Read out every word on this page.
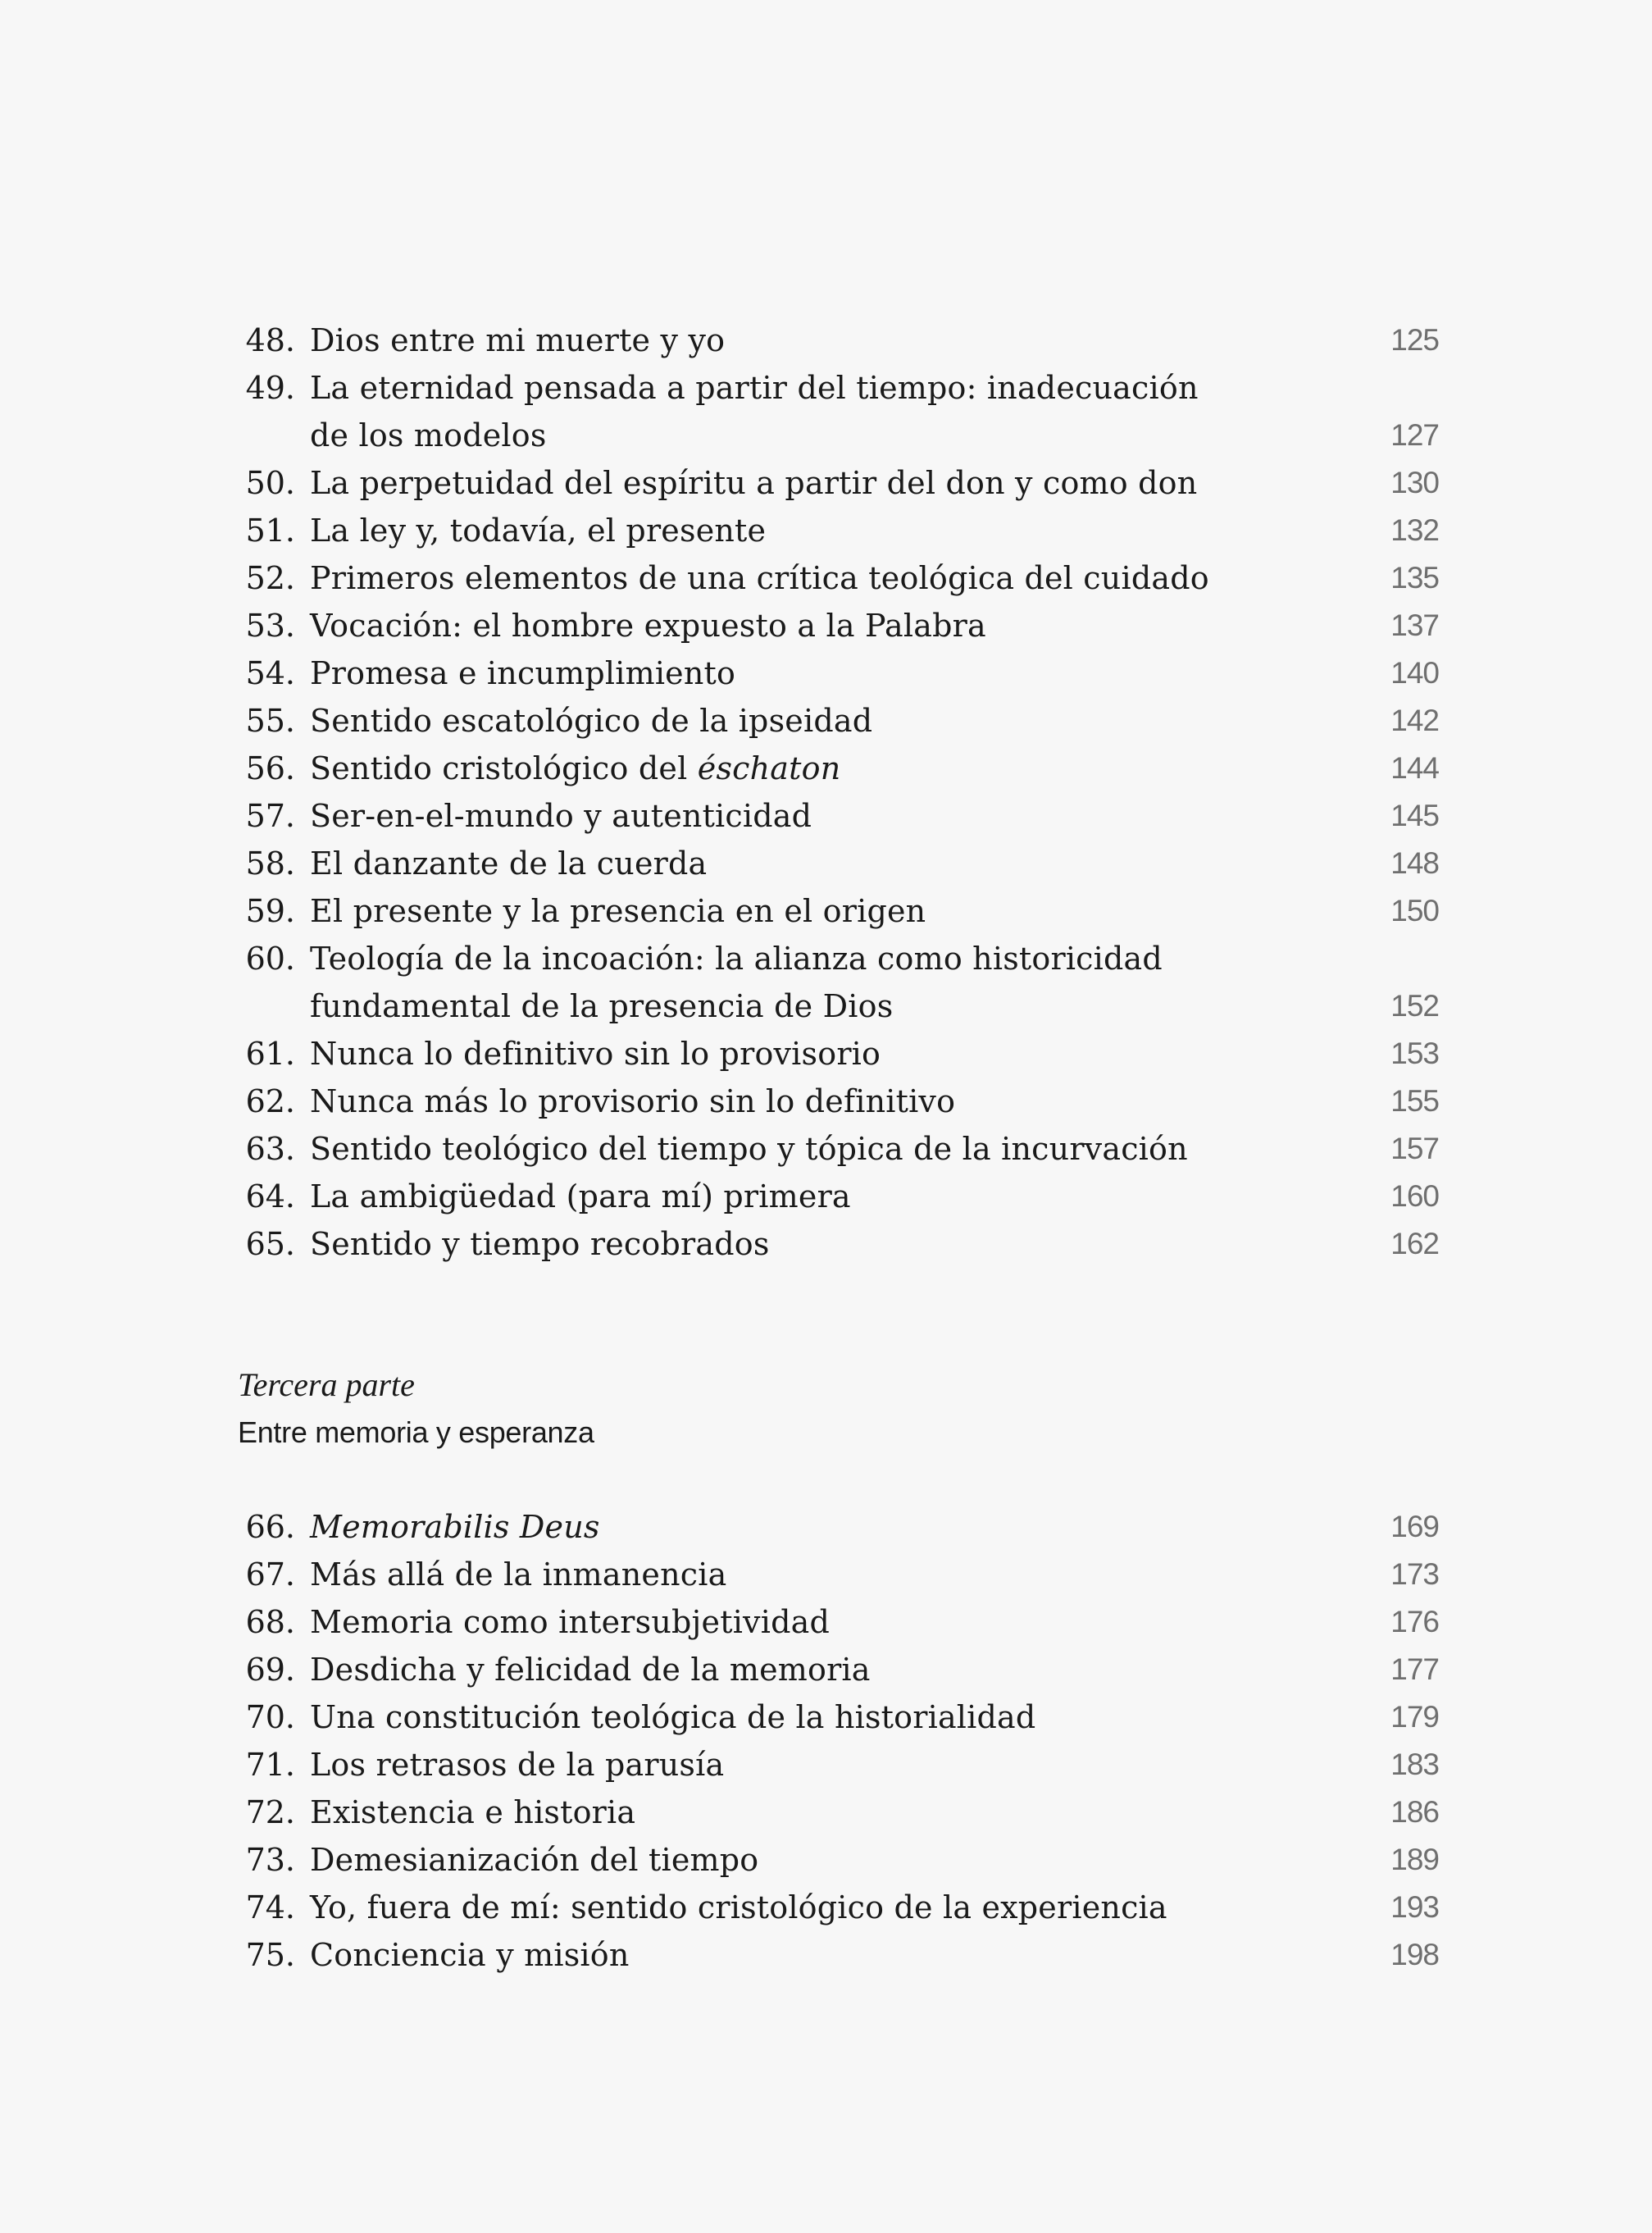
48. Dios entre mi muerte y yo	125
49. La eternidad pensada a partir del tiempo: inadecuación
de los modelos	127
50. La perpetuidad del espíritu a partir del don y como don	130
51. La ley y, todavía, el presente	132
52. Primeros elementos de una crítica teológica del cuidado	135
53. Vocación: el hombre expuesto a la Palabra	137
54. Promesa e incumplimiento	140
55. Sentido escatológico de la ipseidad	142
56. Sentido cristológico del éschaton	144
57. Ser-en-el-mundo y autenticidad	145
58. El danzante de la cuerda	148
59. El presente y la presencia en el origen	150
60. Teología de la incoación: la alianza como historicidad
fundamental de la presencia de Dios	152
61. Nunca lo definitivo sin lo provisorio	153
62. Nunca más lo provisorio sin lo definitivo	155
63. Sentido teológico del tiempo y tópica de la incurvación	157
64. La ambigüedad (para mí) primera	160
65. Sentido y tiempo recobrados	162
Tercera parte
Entre memoria y esperanza
66. Memorabilis Deus	169
67. Más allá de la inmanencia	173
68. Memoria como intersubjetividad	176
69. Desdicha y felicidad de la memoria	177
70. Una constitución teológica de la historialidad	179
71. Los retrasos de la parusía	183
72. Existencia e historia	186
73. Demesianización del tiempo	189
74. Yo, fuera de mí: sentido cristológico de la experiencia	193
75. Conciencia y misión	198
